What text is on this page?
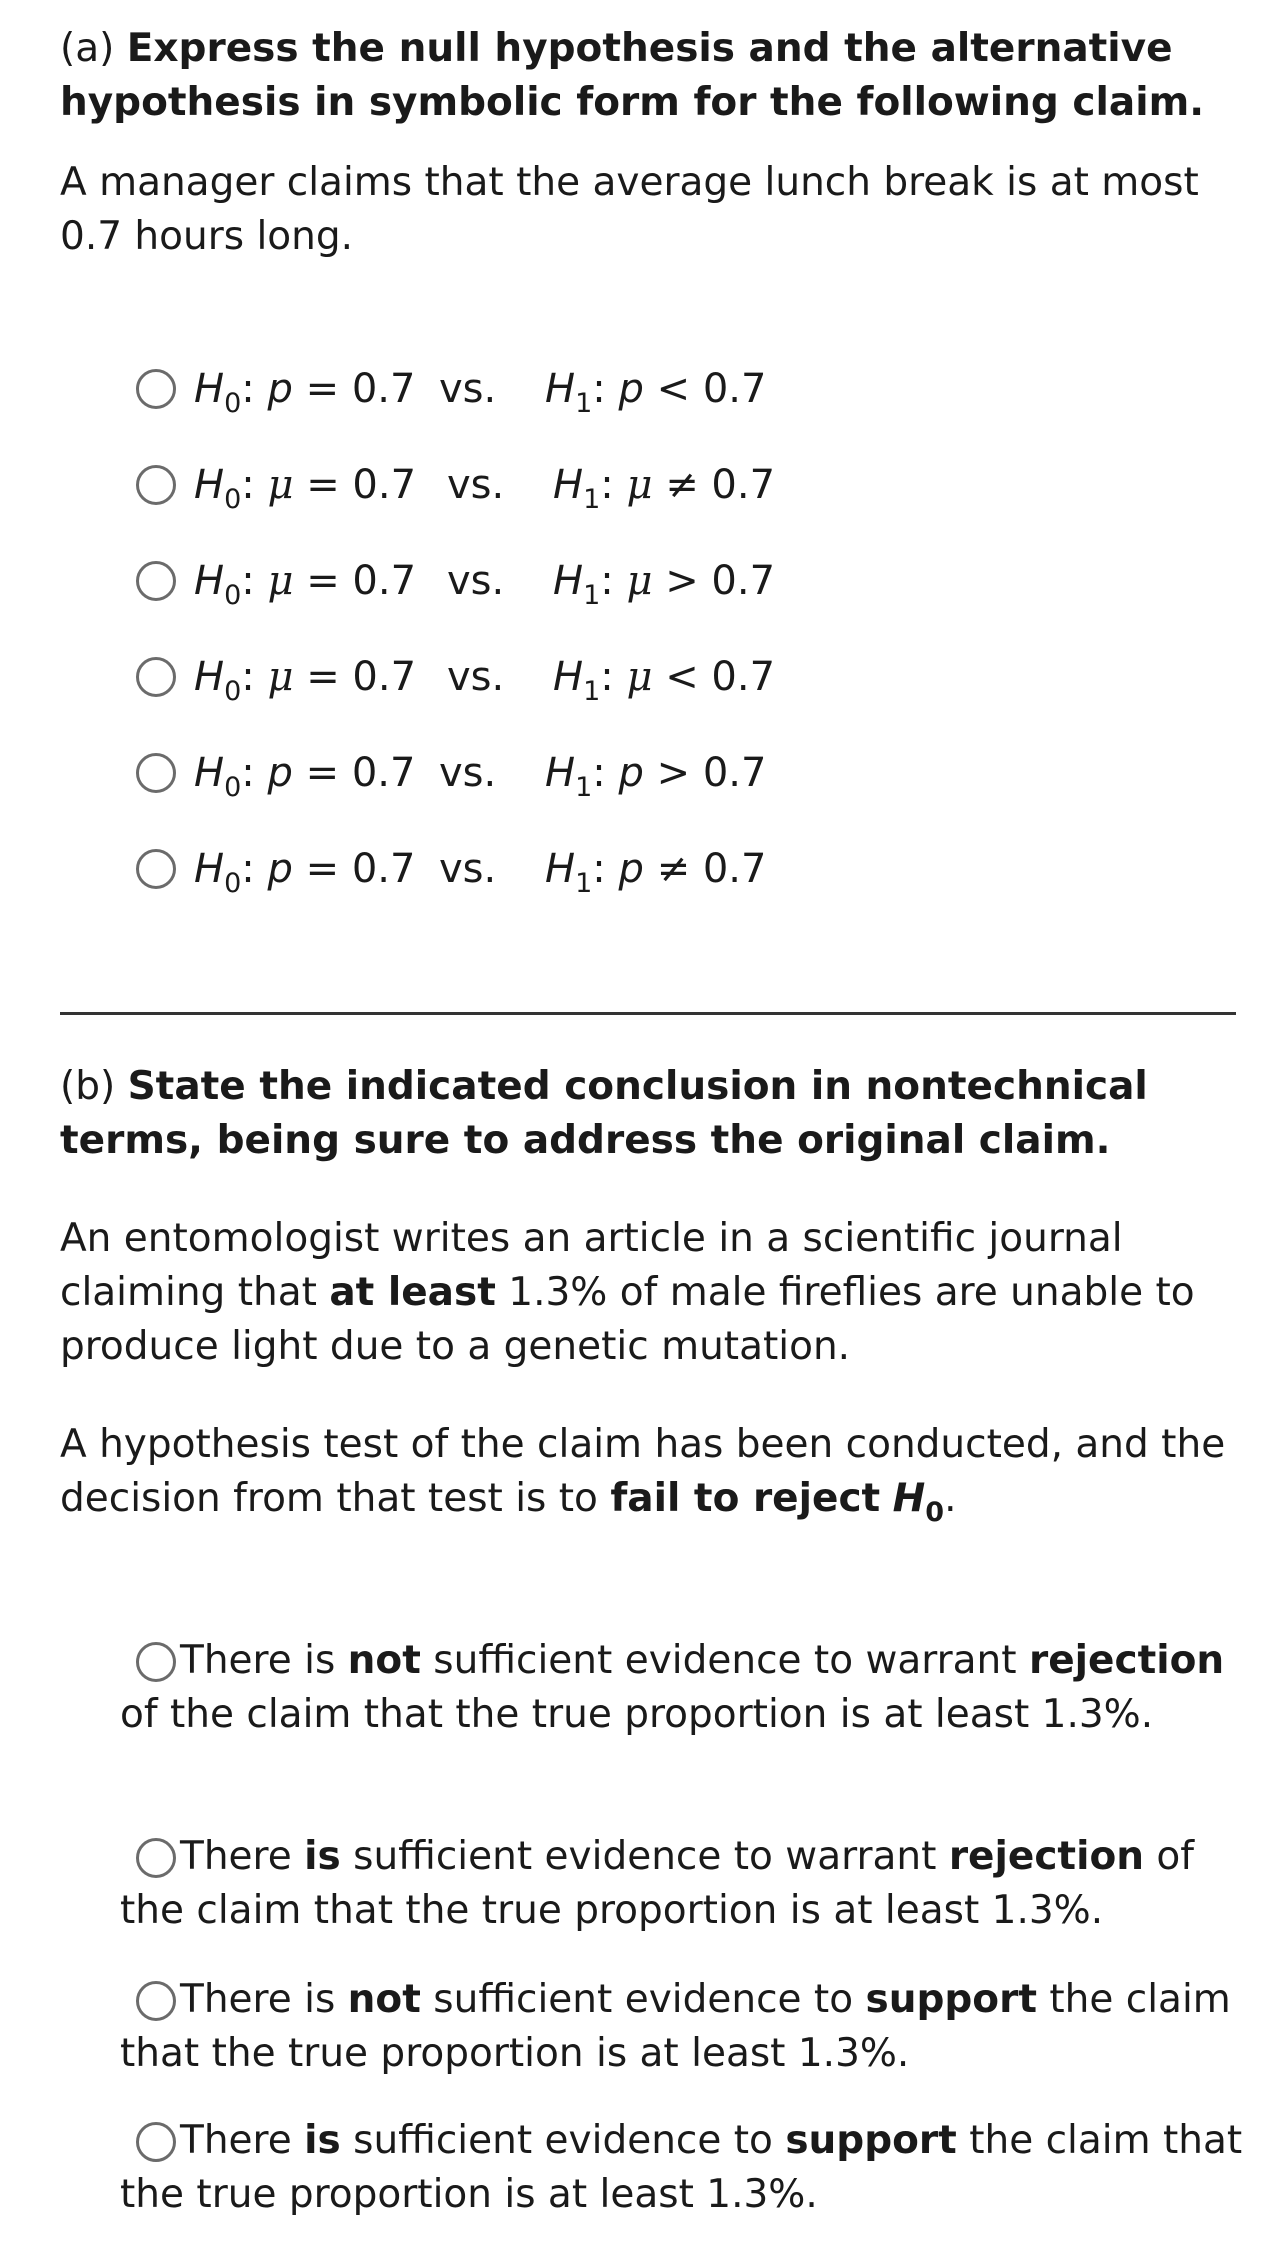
(a) Express the null hypothesis and the alternative hypothesis in symbolic form for the following claim.

A manager claims that the average lunch break is at most 0.7 hours long.

$H_0$: p = 0.7 vs.	$H_1$: p < 0.7
$H_0$: μ = 0.7 vs.	$H_1$: μ ≠ 0.7
$H_0$: μ = 0.7 vs.	$H_1$: μ > 0.7
$H_0$: μ = 0.7 vs.	$H_1$: μ < 0.7
$H_0$: p = 0.7 vs.	$H_1$: p > 0.7
$H_0$: p = 0.7 vs.	$H_1$: p ≠ 0.7

(b) State the indicated conclusion in nontechnical terms, being sure to address the original claim.

An entomologist writes an article in a scientific journal claiming that at least 1.3% of male fireflies are unable to produce light due to a genetic mutation.

A hypothesis test of the claim has been conducted, and the decision from that test is to fail to reject $H_0$.

There is not sufficient evidence to warrant rejection of the claim that the true proportion is at least 1.3%.
There is sufficient evidence to warrant rejection of the claim that the true proportion is at least 1.3%.
There is not sufficient evidence to support the claim that the true proportion is at least 1.3%.
There is sufficient evidence to support the claim that the true proportion is at least 1.3%.
